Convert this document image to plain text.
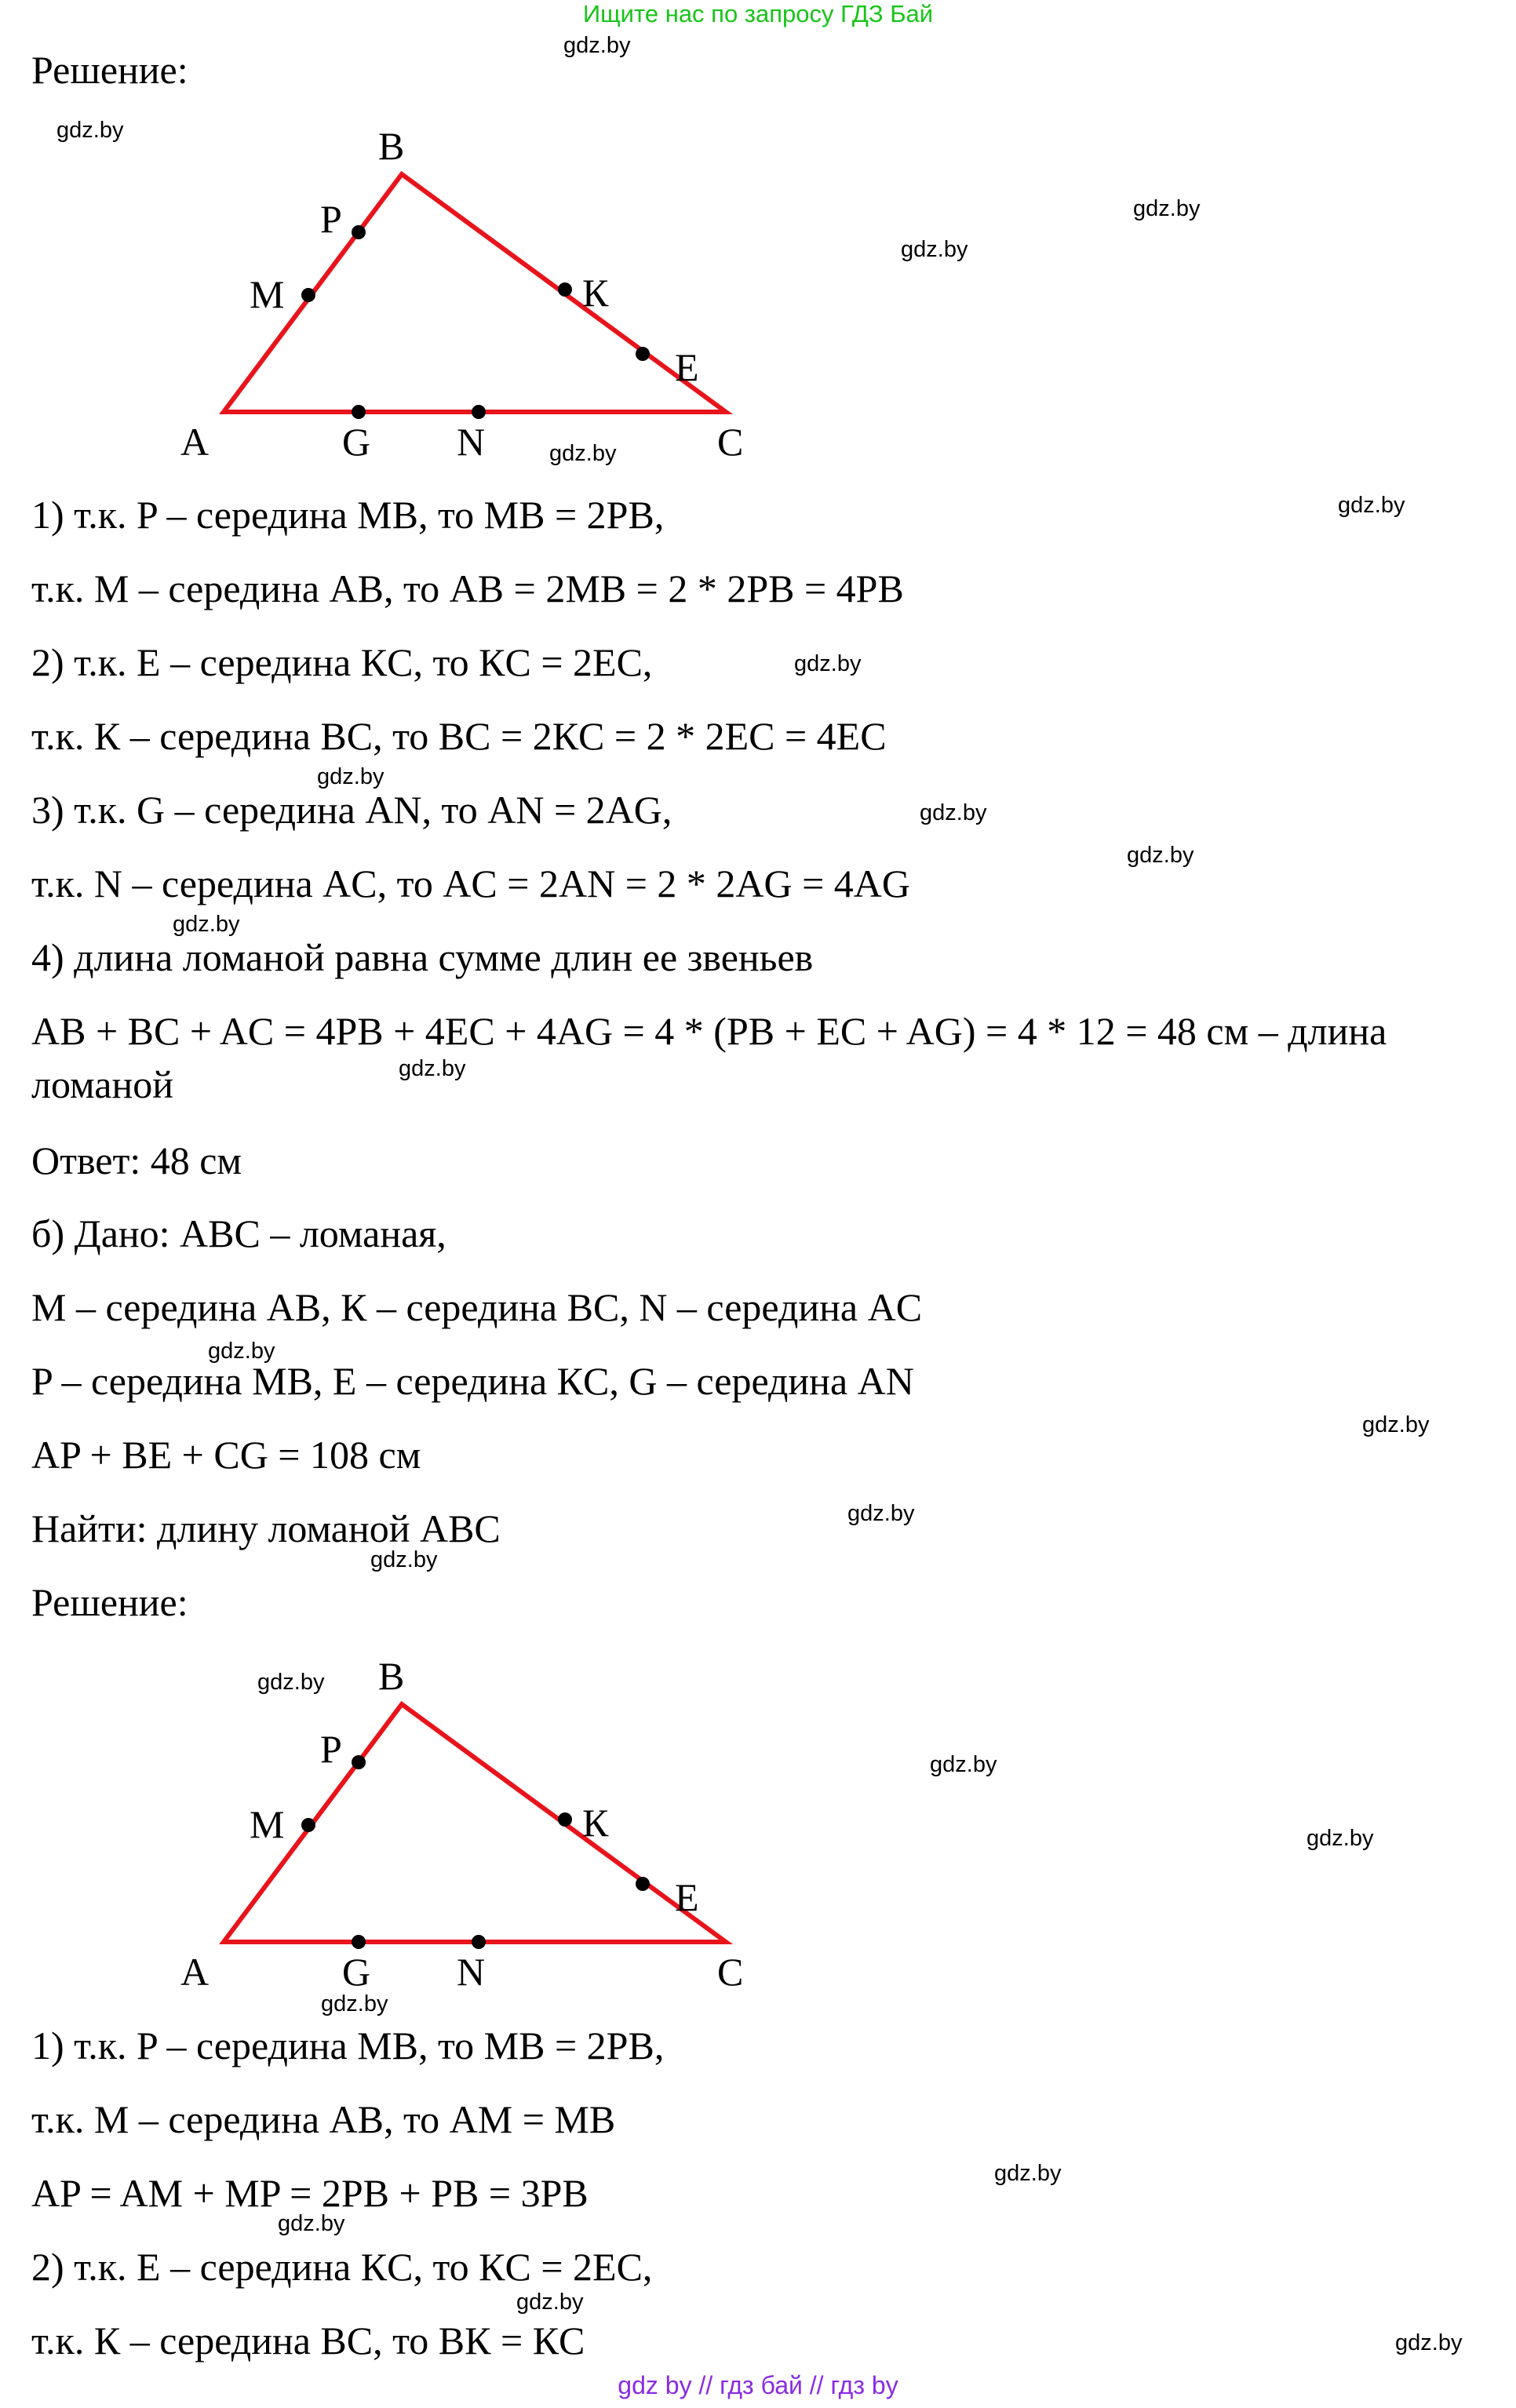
Ищите нас по запросу ГДЗ Бай
gdz.by
gdz.by
gdz.by
gdz.by
gdz.by
gdz.by
gdz.by
gdz.by
gdz.by
gdz.by
gdz.by
gdz.by
gdz.by
gdz.by
gdz.by
gdz.by
gdz.by
gdz.by
gdz.by
gdz.by
gdz.by
gdz.by
gdz.by
gdz.by
Решение:
B
P
M	К
E
A	G N	C
1) т.к. P – середина MB, то MB = 2PB,
т.к. M – середина AB, то AB = 2MB = 2 * 2PB = 4PB
2) т.к. E – середина КC, то КC = 2EC,
т.к. К – середина BC, то BC = 2КC = 2 * 2EC = 4EC
3) т.к. G – середина AN, то AN = 2AG,
т.к. N – середина AC, то AC = 2AN = 2 * 2AG = 4AG
4) длина ломаной равна сумме длин ее звеньев
AB + BC + AC = 4PB + 4EC + 4AG = 4 * (PB + EC + AG) = 4 * 12 = 48 см – длина ломаной
Ответ: 48 см
б) Дано: ABC – ломаная,
M – середина AB, К – середина BC, N – середина AC
P – середина MB, E – середина КC, G – середина AN
AP + BE + CG = 108 см
Найти: длину ломаной ABC
Решение:
B
P
M	К
E
A	G N	C
1) т.к. P – середина MB, то MB = 2PB,
т.к. M – середина AB, то AM = MB
AP = AM + MP = 2PB + PB = 3PB
2) т.к. E – середина КC, то КC = 2EC,
т.к. К – середина BC, то BК = КC
gdz by // гдз бай // гдз by
